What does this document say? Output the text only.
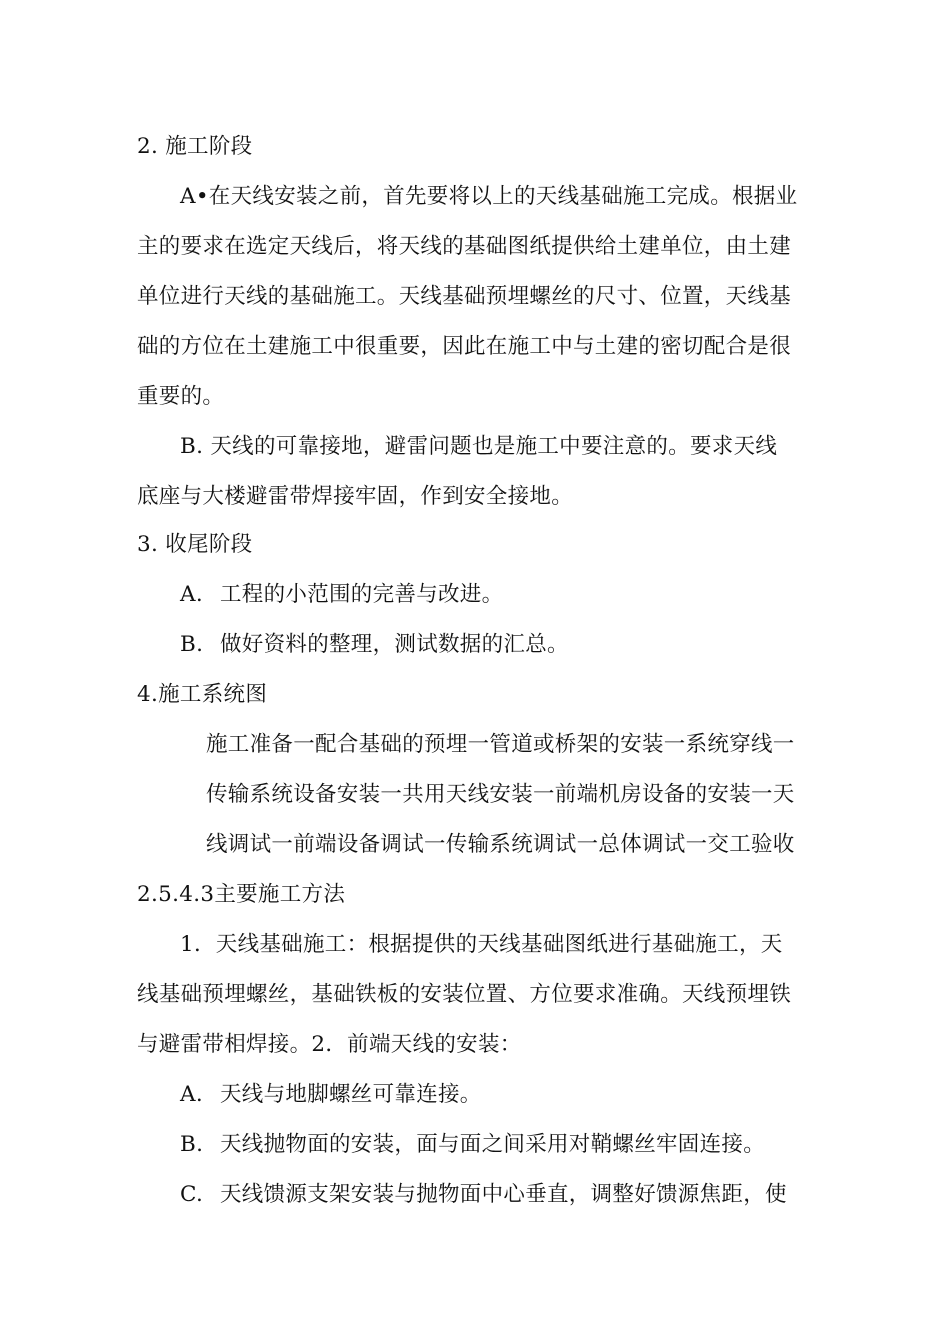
2. 施工阶段
A•在天线安装之前，首先要将以上的天线基础施工完成。根据业
主的要求在选定天线后，将天线的基础图纸提供给土建单位，由土建
单位进行天线的基础施工。天线基础预埋螺丝的尺寸、位置，天线基
础的方位在土建施工中很重要，因此在施工中与土建的密切配合是很
重要的。
B. 天线的可靠接地，避雷问题也是施工中要注意的。要求天线
底座与大楼避雷带焊接牢固，作到安全接地。
3. 收尾阶段
A. 工程的小范围的完善与改进。
B. 做好资料的整理，测试数据的汇总。
4.施工系统图
施工准备一配合基础的预埋一管道或桥架的安装一系统穿线一
传输系统设备安装一共用天线安装一前端机房设备的安装一天
线调试一前端设备调试一传输系统调试一总体调试一交工验收
2.5.4.3主要施工方法
1．天线基础施工：根据提供的天线基础图纸进行基础施工，天
线基础预埋螺丝，基础铁板的安装位置、方位要求准确。天线预埋铁
与避雷带相焊接。2．前端天线的安装：
A. 天线与地脚螺丝可靠连接。
B. 天线抛物面的安装，面与面之间采用对鞘螺丝牢固连接。
C. 天线馈源支架安装与抛物面中心垂直，调整好馈源焦距，使
